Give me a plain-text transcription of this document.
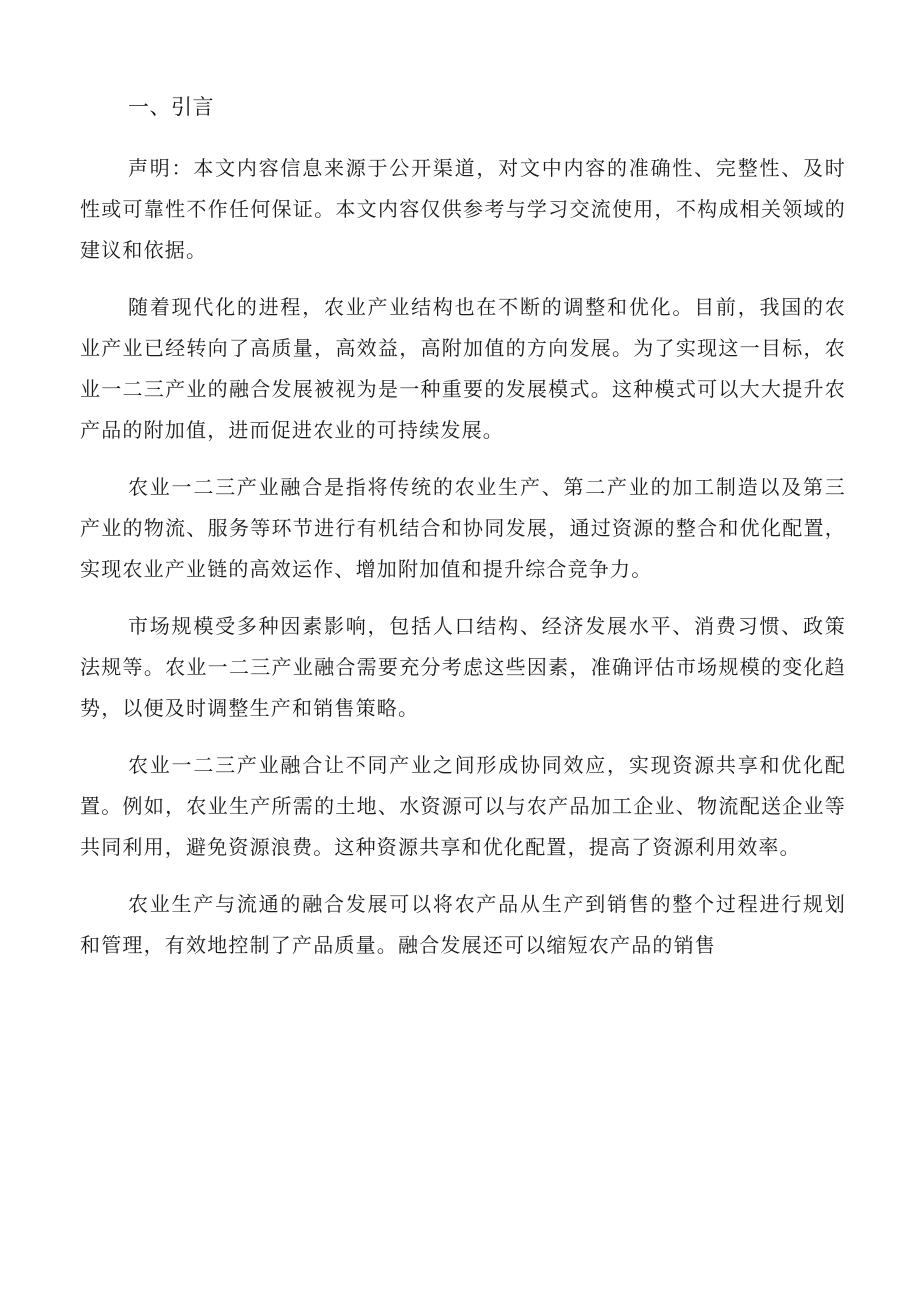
一、引言

声明：本文内容信息来源于公开渠道，对文中内容的准确性、完整性、及时性或可靠性不作任何保证。本文内容仅供参考与学习交流使用，不构成相关领域的建议和依据。

随着现代化的进程，农业产业结构也在不断的调整和优化。目前，我国的农业产业已经转向了高质量，高效益，高附加值的方向发展。为了实现这一目标，农业一二三产业的融合发展被视为是一种重要的发展模式。这种模式可以大大提升农产品的附加值，进而促进农业的可持续发展。

农业一二三产业融合是指将传统的农业生产、第二产业的加工制造以及第三产业的物流、服务等环节进行有机结合和协同发展，通过资源的整合和优化配置，实现农业产业链的高效运作、增加附加值和提升综合竞争力。

市场规模受多种因素影响，包括人口结构、经济发展水平、消费习惯、政策法规等。农业一二三产业融合需要充分考虑这些因素，准确评估市场规模的变化趋势，以便及时调整生产和销售策略。

农业一二三产业融合让不同产业之间形成协同效应，实现资源共享和优化配置。例如，农业生产所需的土地、水资源可以与农产品加工企业、物流配送企业等共同利用，避免资源浪费。这种资源共享和优化配置，提高了资源利用效率。

农业生产与流通的融合发展可以将农产品从生产到销售的整个过程进行规划和管理，有效地控制了产品质量。融合发展还可以缩短农产品的销售
